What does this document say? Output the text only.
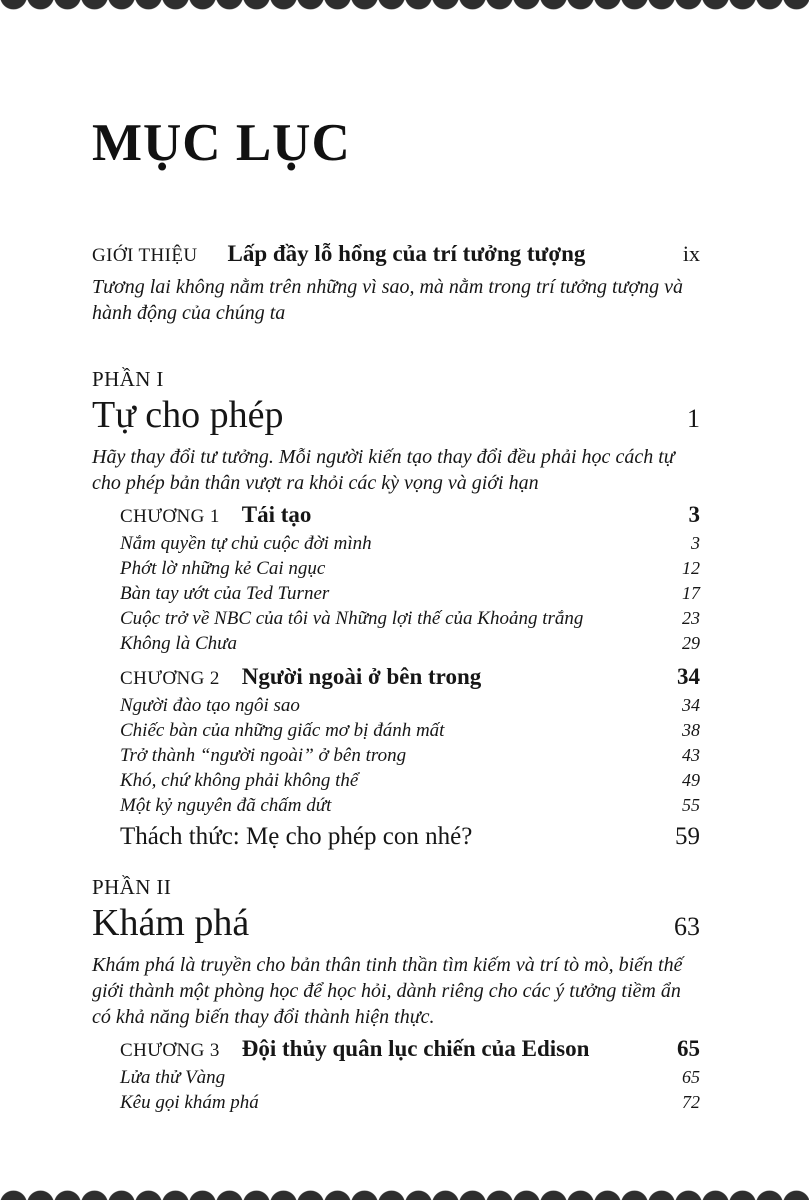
MỤC LỤC
GIỚI THIỆU Lấp đầy lỗ hổng của trí tưởng tượng	ix

Tương lai không nằm trên những vì sao, mà nằm trong trí tưởng tượng và hành động của chúng ta

PHẦN I
Tự cho phép	1

Hãy thay đổi tư tưởng. Mỗi người kiến tạo thay đổi đều phải học cách tự cho phép bản thân vượt ra khỏi các kỳ vọng và giới hạn

CHƯƠNG 1 Tái tạo	3
Nắm quyền tự chủ cuộc đời mình	3
Phớt lờ những kẻ Cai ngục	12
Bàn tay ướt của Ted Turner	17
Cuộc trở về NBC của tôi và Những lợi thế của Khoảng trắng	23
Không là Chưa	29
CHƯƠNG 2 Người ngoài ở bên trong	34
Người đào tạo ngôi sao	34
Chiếc bàn của những giấc mơ bị đánh mất	38
Trở thành “người ngoài” ở bên trong	43
Khó, chứ không phải không thể	49
Một kỷ nguyên đã chấm dứt	55
Thách thức: Mẹ cho phép con nhé?	59
PHẦN II
Khám phá	63

Khám phá là truyền cho bản thân tinh thần tìm kiếm và trí tò mò, biến thế giới thành một phòng học để học hỏi, dành riêng cho các ý tưởng tiềm ẩn có khả năng biến thay đổi thành hiện thực.

CHƯƠNG 3 Đội thủy quân lục chiến của Edison	65
Lửa thử Vàng	65
Kêu gọi khám phá	72
